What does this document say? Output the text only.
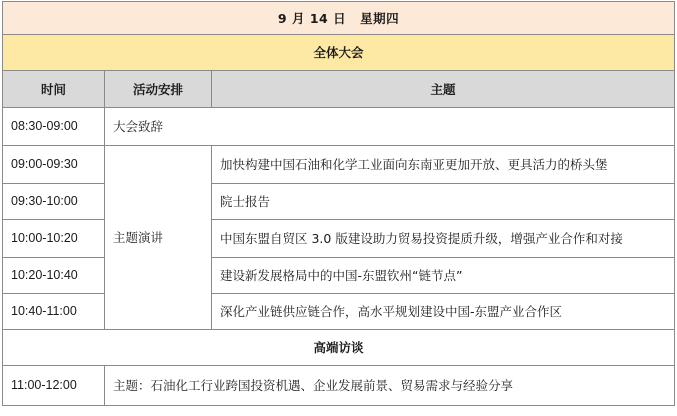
9 月 14 日 星期四		
全体大会		
时间	活动安排	主题
08:30-09:00	大会致辞	
09:00-09:30	主题演讲	加快构建中国石油和化学工业面向东南亚更加开放、更具活力的桥头堡
09:30-10:00		院士报告
10:00-10:20		中国东盟自贸区 3.0 版建设助力贸易投资提质升级，增强产业合作和对接
10:20-10:40		建设新发展格局中的中国-东盟钦州“链节点”
10:40-11:00		深化产业链供应链合作，高水平规划建设中国-东盟产业合作区
高端访谈		
11:00-12:00	主题：石油化工行业跨国投资机遇、企业发展前景、贸易需求与经验分享	
